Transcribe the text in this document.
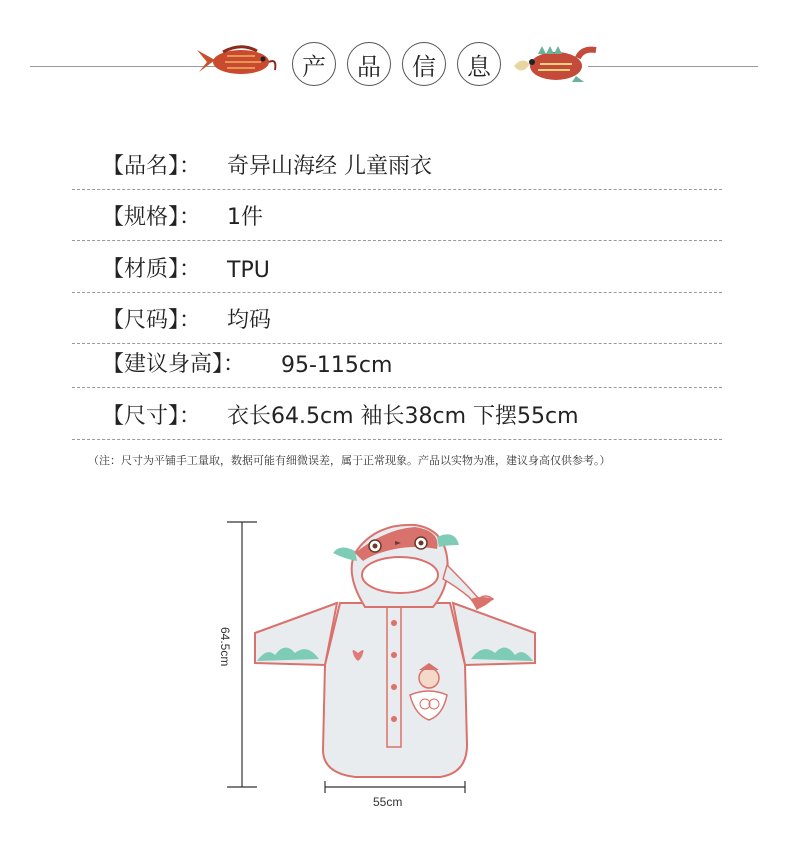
产	品	信	息
【品名】： 奇异山海经 儿童雨衣
【规格】： 1件
【材质】： TPU
【尺码】： 均码
【建议身高】： 95-115cm
【尺寸】： 衣长64.5cm 袖长38cm 下摆55cm
（注：尺寸为平铺手工量取，数据可能有细微误差，属于正常现象。产品以实物为准，建议身高仅供参考。）
64.5cm
55cm
